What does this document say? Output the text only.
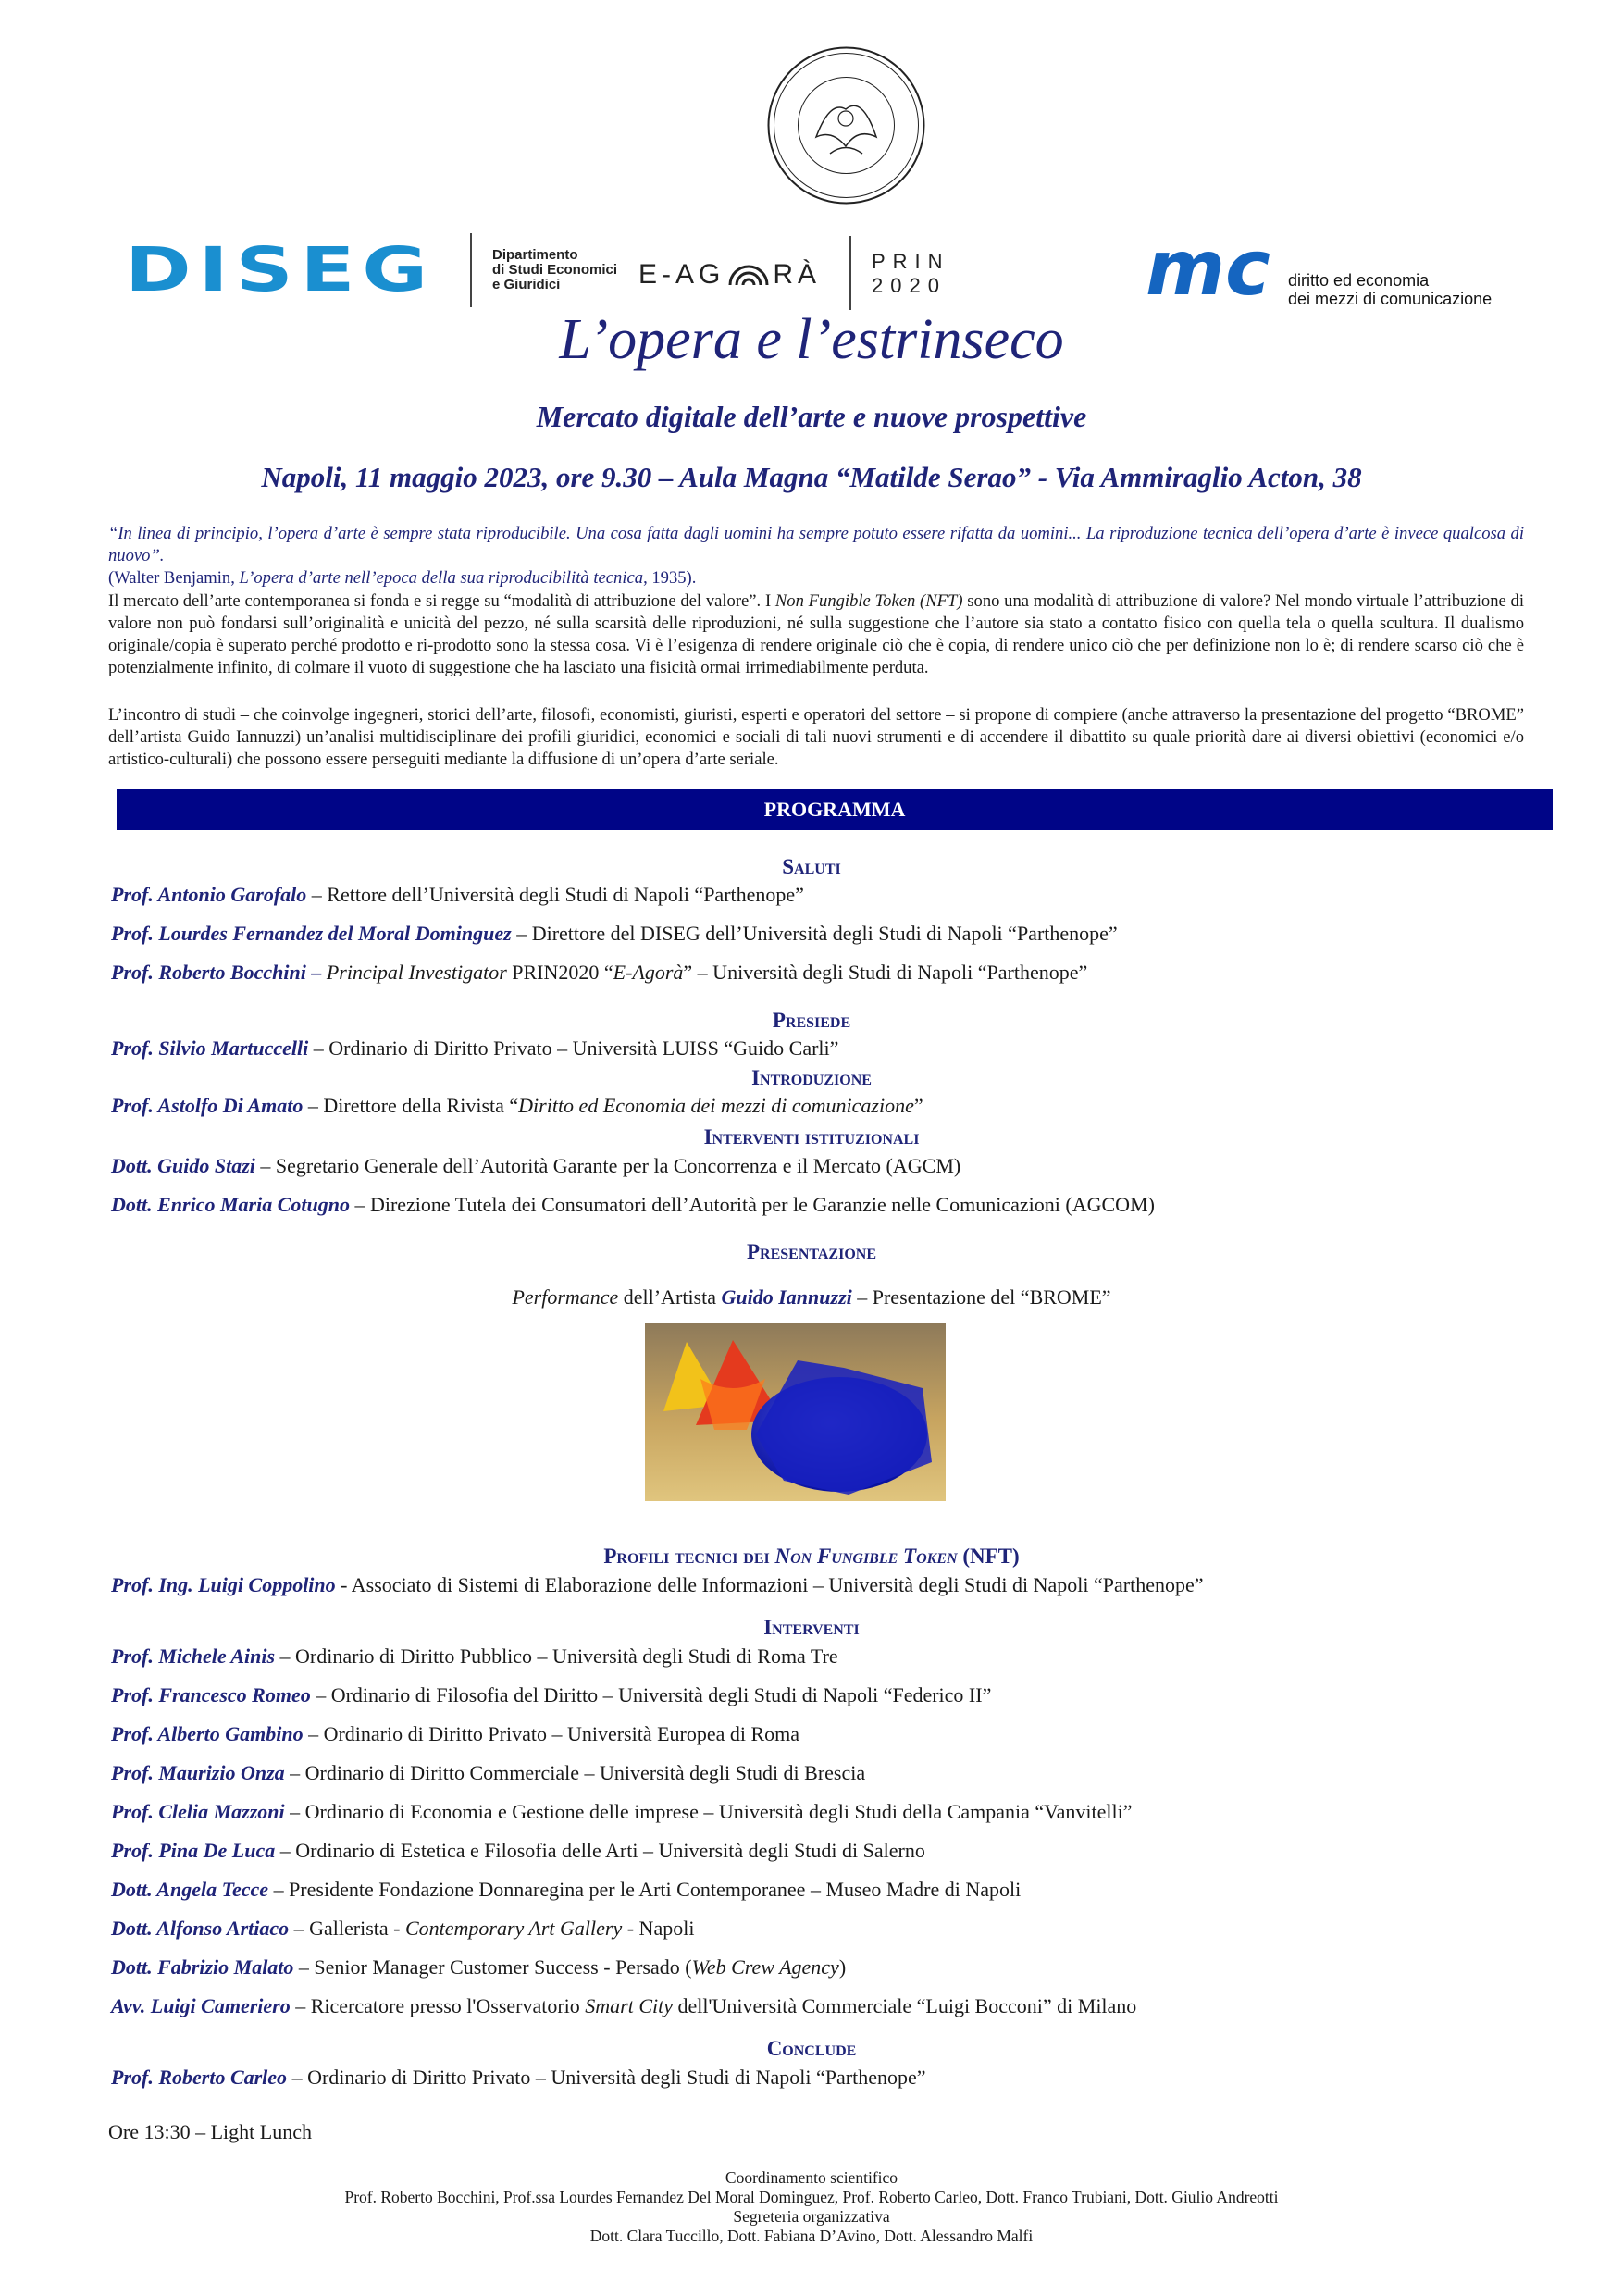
DISEG	Dipartimento
di Studi Economici
e Giuridici	E-AG RÀ PRIN
2020	mc diritto ed economia
dei mezzi di comunicazione
L’opera e l’estrinseco
Mercato digitale dell’arte e nuove prospettive
Napoli, 11 maggio 2023, ore 9.30 – Aula Magna “Matilde Serao” - Via Ammiraglio Acton, 38
“In linea di principio, l’opera d’arte è sempre stata riproducibile. Una cosa fatta dagli uomini ha sempre potuto essere rifatta da uomini... La riproduzione tecnica dell’opera d’arte è invece qualcosa di nuovo”.
(Walter Benjamin, L’opera d’arte nell’epoca della sua riproducibilità tecnica, 1935).
Il mercato dell’arte contemporanea si fonda e si regge su “modalità di attribuzione del valore”. I Non Fungible Token (NFT) sono una modalità di attribuzione di valore? Nel mondo virtuale l’attribuzione di valore non può fondarsi sull’originalità e unicità del pezzo, né sulla scarsità delle riproduzioni, né sulla suggestione che l’autore sia stato a contatto fisico con quella tela o quella scultura. Il dualismo originale/copia è superato perché prodotto e ri-prodotto sono la stessa cosa. Vi è l’esigenza di rendere originale ciò che è copia, di rendere unico ciò che per definizione non lo è; di rendere scarso ciò che è potenzialmente infinito, di colmare il vuoto di suggestione che ha lasciato una fisicità ormai irrimediabilmente perduta.
L’incontro di studi – che coinvolge ingegneri, storici dell’arte, filosofi, economisti, giuristi, esperti e operatori del settore – si propone di compiere (anche attraverso la presentazione del progetto “BROME” dell’artista Guido Iannuzzi) un’analisi multidisciplinare dei profili giuridici, economici e sociali di tali nuovi strumenti e di accendere il dibattito su quale priorità dare ai diversi obiettivi (economici e/o artistico-culturali) che possono essere perseguiti mediante la diffusione di un’opera d’arte seriale.
PROGRAMMA
Saluti
Prof. Antonio Garofalo – Rettore dell’Università degli Studi di Napoli “Parthenope”
Prof. Lourdes Fernandez del Moral Dominguez – Direttore del DISEG dell’Università degli Studi di Napoli “Parthenope”
Prof. Roberto Bocchini – Principal Investigator PRIN2020 “E-Agorà” – Università degli Studi di Napoli “Parthenope”
Presiede
Prof. Silvio Martuccelli – Ordinario di Diritto Privato – Università LUISS “Guido Carli”
Introduzione
Prof. Astolfo Di Amato – Direttore della Rivista “Diritto ed Economia dei mezzi di comunicazione”
Interventi istituzionali
Dott. Guido Stazi – Segretario Generale dell’Autorità Garante per la Concorrenza e il Mercato (AGCM)
Dott. Enrico Maria Cotugno – Direzione Tutela dei Consumatori dell’Autorità per le Garanzie nelle Comunicazioni (AGCOM)
Presentazione
Performance dell’Artista Guido Iannuzzi – Presentazione del “BROME”
Profili tecnici dei Non Fungible Token (NFT)
Prof. Ing. Luigi Coppolino - Associato di Sistemi di Elaborazione delle Informazioni – Università degli Studi di Napoli “Parthenope”
Interventi
Prof. Michele Ainis – Ordinario di Diritto Pubblico – Università degli Studi di Roma Tre
Prof. Francesco Romeo – Ordinario di Filosofia del Diritto – Università degli Studi di Napoli “Federico II”
Prof. Alberto Gambino – Ordinario di Diritto Privato – Università Europea di Roma
Prof. Maurizio Onza – Ordinario di Diritto Commerciale – Università degli Studi di Brescia
Prof. Clelia Mazzoni – Ordinario di Economia e Gestione delle imprese – Università degli Studi della Campania “Vanvitelli”
Prof. Pina De Luca – Ordinario di Estetica e Filosofia delle Arti – Università degli Studi di Salerno
Dott. Angela Tecce – Presidente Fondazione Donnaregina per le Arti Contemporanee – Museo Madre di Napoli
Dott. Alfonso Artiaco – Gallerista - Contemporary Art Gallery - Napoli
Dott. Fabrizio Malato – Senior Manager Customer Success - Persado (Web Crew Agency)
Avv. Luigi Cameriero – Ricercatore presso l'Osservatorio Smart City dell'Università Commerciale “Luigi Bocconi” di Milano
Conclude
Prof. Roberto Carleo – Ordinario di Diritto Privato – Università degli Studi di Napoli “Parthenope”
Ore 13:30 – Light Lunch
Coordinamento scientifico
Prof. Roberto Bocchini, Prof.ssa Lourdes Fernandez Del Moral Dominguez, Prof. Roberto Carleo, Dott. Franco Trubiani, Dott. Giulio Andreotti
Segreteria organizzativa
Dott. Clara Tuccillo, Dott. Fabiana D’Avino, Dott. Alessandro Malfi
